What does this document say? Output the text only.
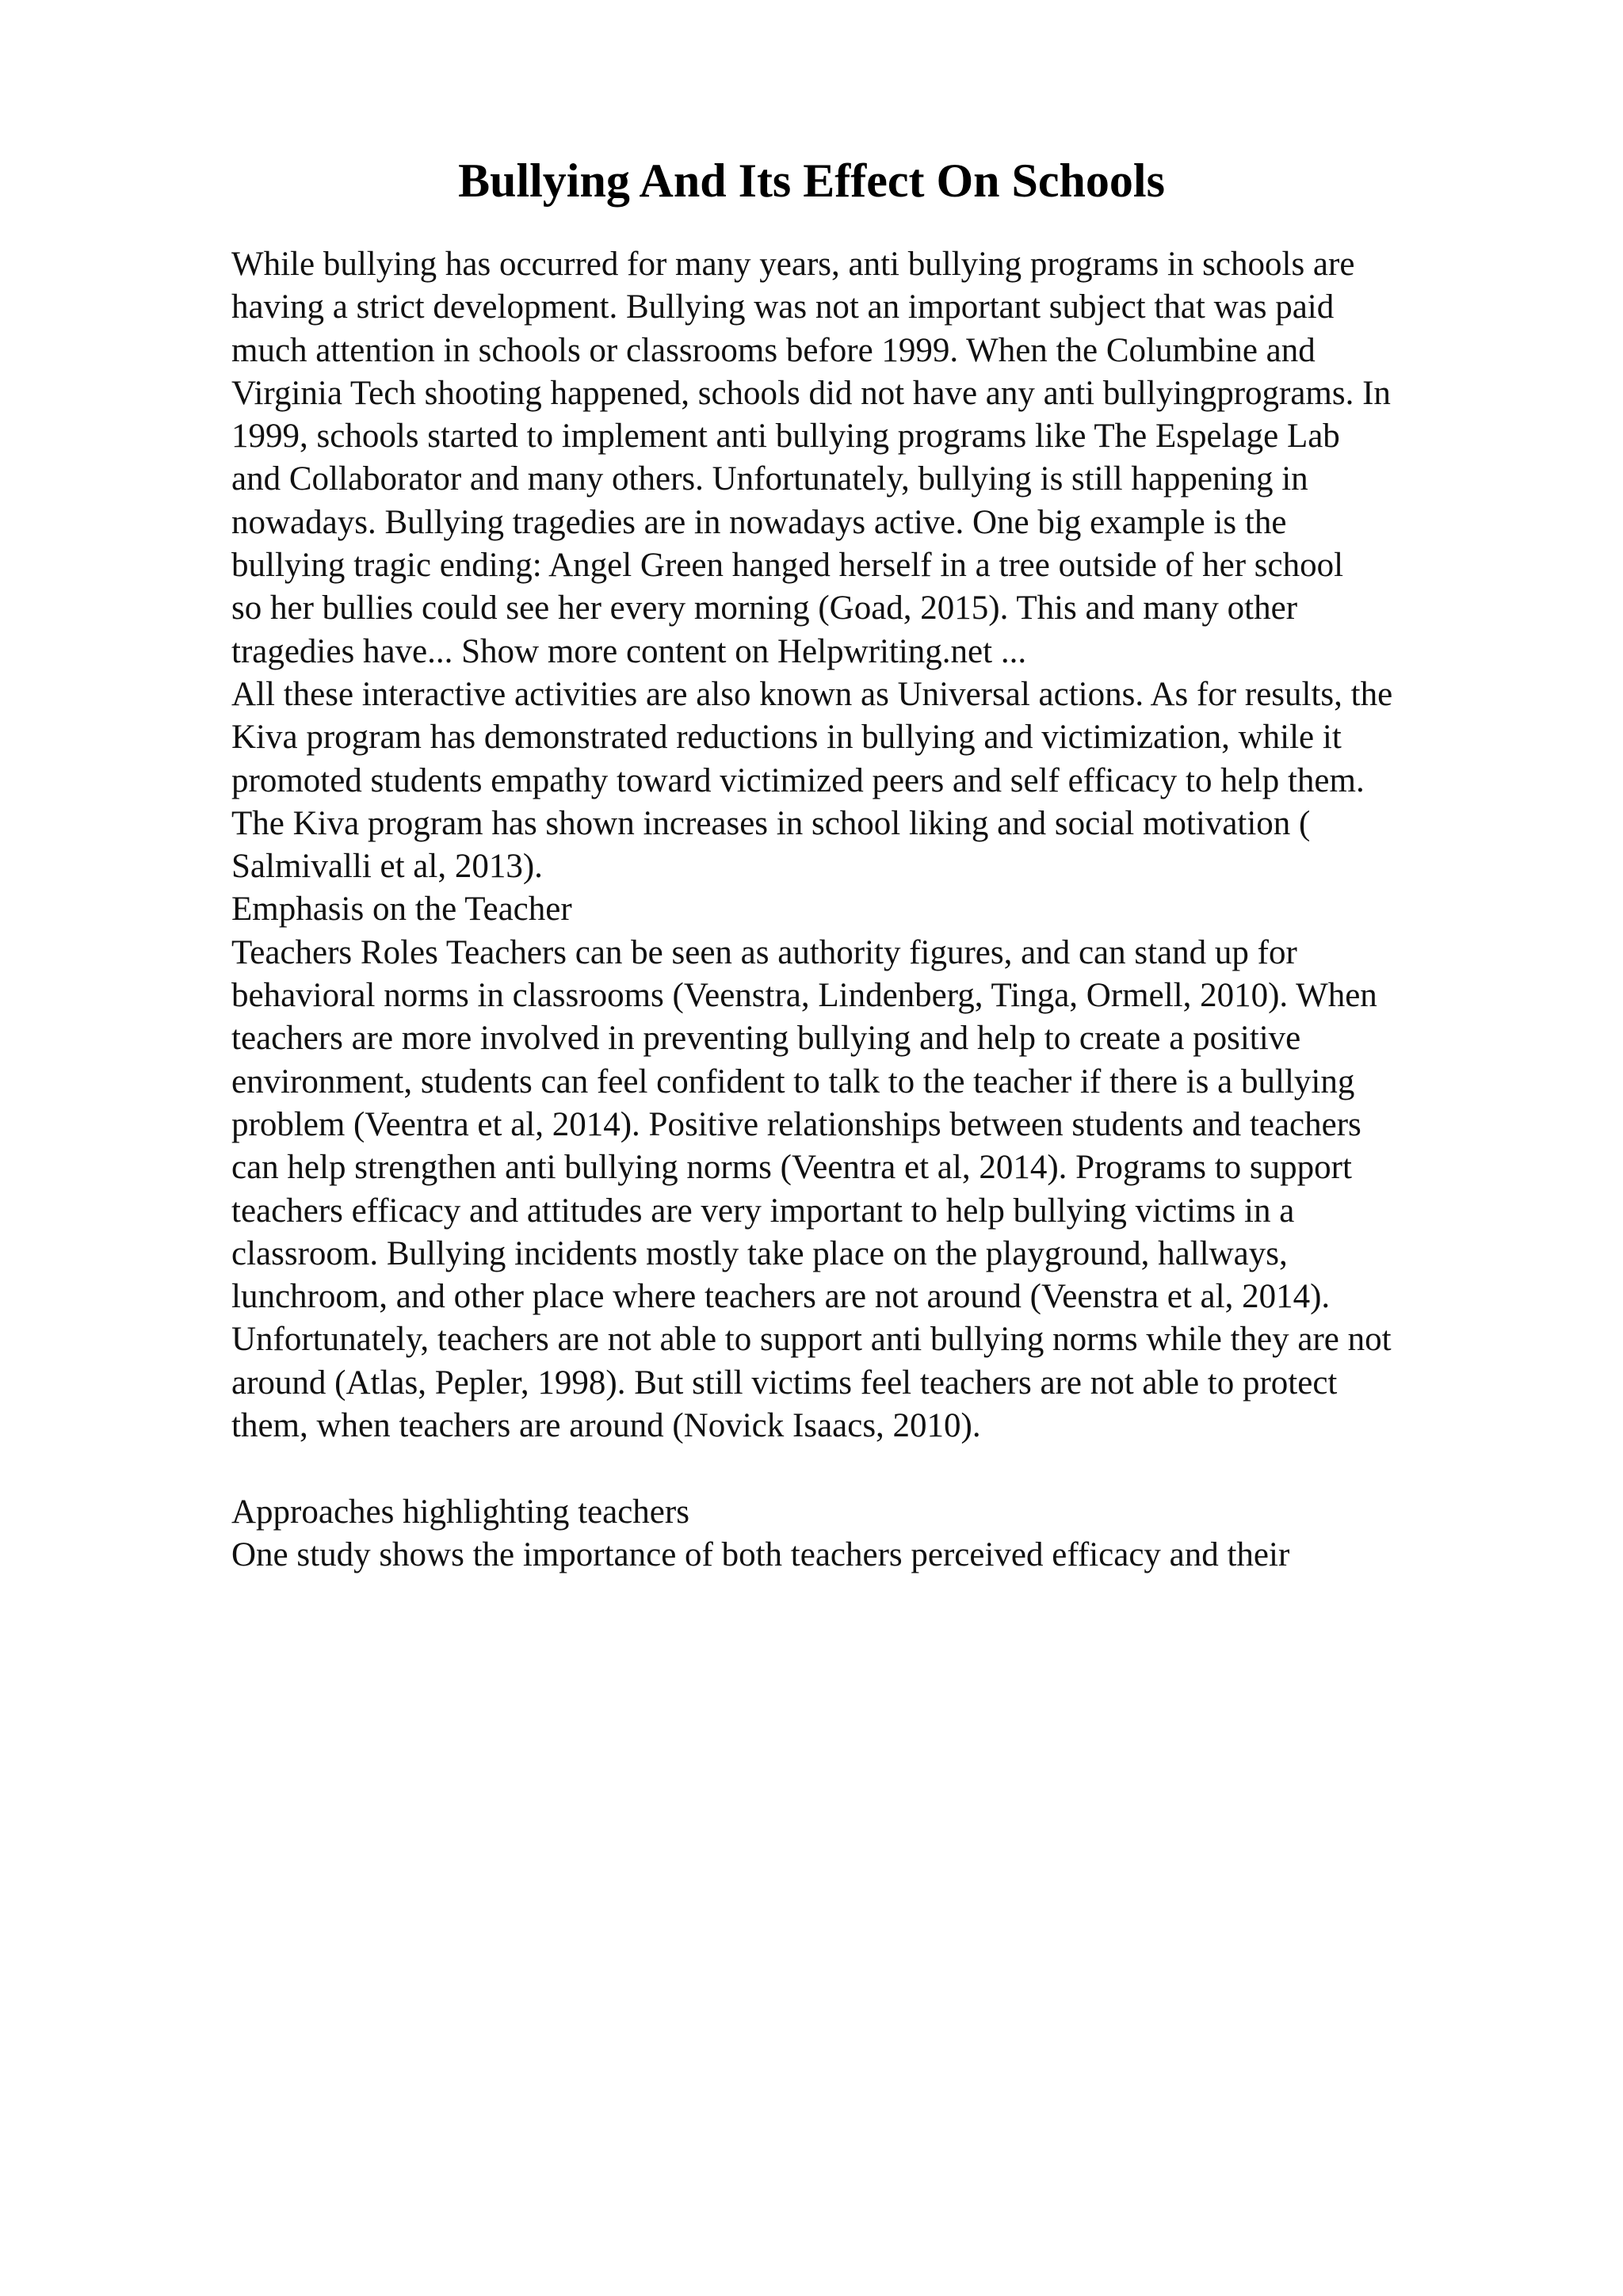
Bullying And Its Effect On Schools
While bullying has occurred for many years, anti bullying programs in schools are
having a strict development. Bullying was not an important subject that was paid
much attention in schools or classrooms before 1999. When the Columbine and
Virginia Tech shooting happened, schools did not have any anti bullyingprograms. In
1999, schools started to implement anti bullying programs like The Espelage Lab
and Collaborator and many others. Unfortunately, bullying is still happening in
nowadays. Bullying tragedies are in nowadays active. One big example is the
bullying tragic ending: Angel Green hanged herself in a tree outside of her school
so her bullies could see her every morning (Goad, 2015). This and many other
tragedies have... Show more content on Helpwriting.net ...
All these interactive activities are also known as Universal actions. As for results, the
Kiva program has demonstrated reductions in bullying and victimization, while it
promoted students empathy toward victimized peers and self efficacy to help them.
The Kiva program has shown increases in school liking and social motivation (
Salmivalli et al, 2013).
Emphasis on the Teacher
Teachers Roles Teachers can be seen as authority figures, and can stand up for
behavioral norms in classrooms (Veenstra, Lindenberg, Tinga, Ormell, 2010). When
teachers are more involved in preventing bullying and help to create a positive
environment, students can feel confident to talk to the teacher if there is a bullying
problem (Veentra et al, 2014). Positive relationships between students and teachers
can help strengthen anti bullying norms (Veentra et al, 2014). Programs to support
teachers efficacy and attitudes are very important to help bullying victims in a
classroom. Bullying incidents mostly take place on the playground, hallways,
lunchroom, and other place where teachers are not around (Veenstra et al, 2014).
Unfortunately, teachers are not able to support anti bullying norms while they are not
around (Atlas, Pepler, 1998). But still victims feel teachers are not able to protect
them, when teachers are around (Novick Isaacs, 2010).
Approaches highlighting teachers
One study shows the importance of both teachers perceived efficacy and their
